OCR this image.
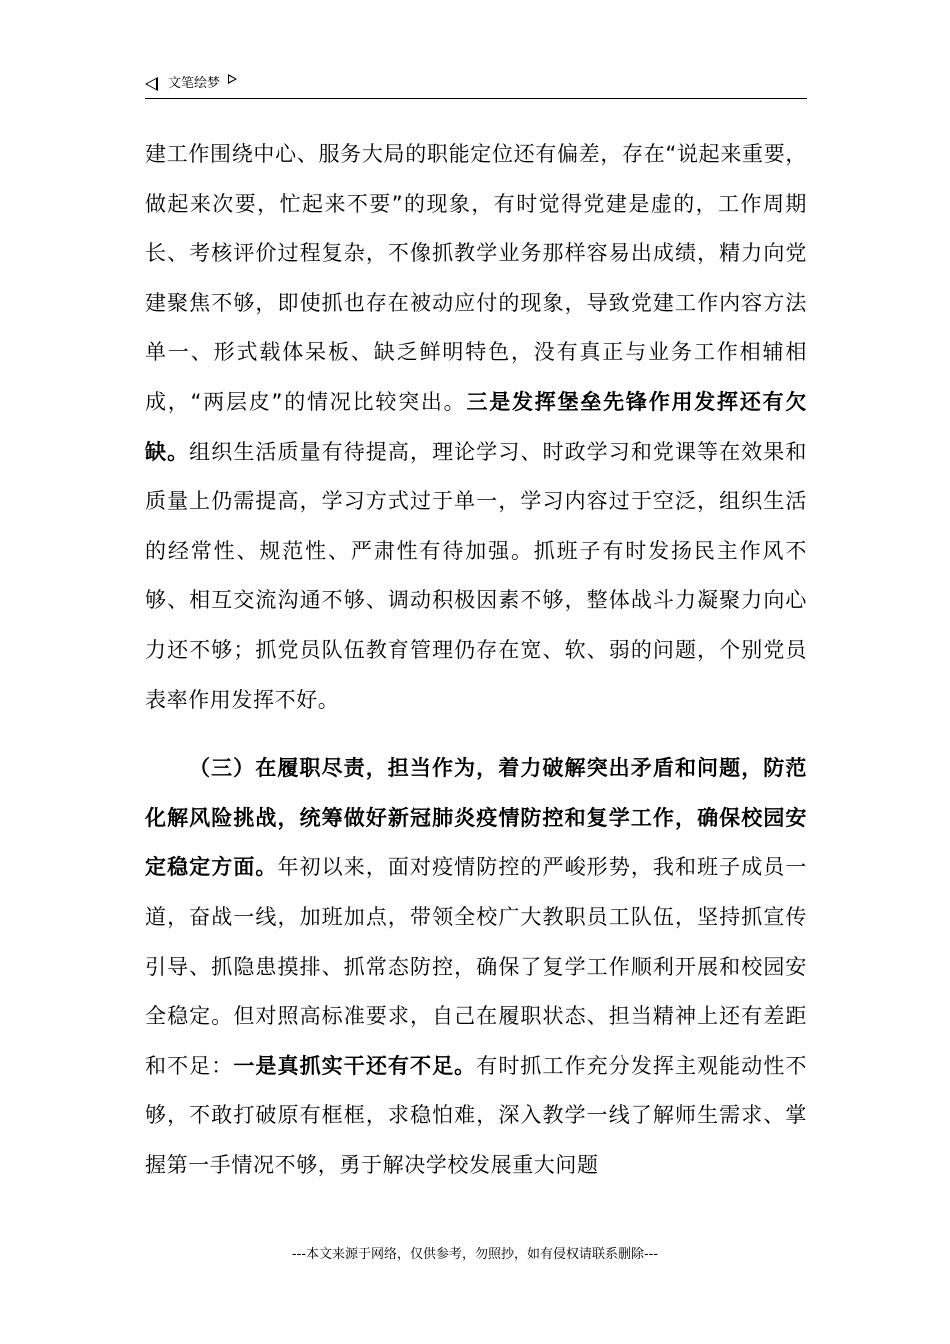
文笔绘梦

建工作围绕中心、服务大局的职能定位还有偏差，存在“说起来重要，做起来次要，忙起来不要”的现象，有时觉得党建是虚的，工作周期长、考核评价过程复杂，不像抓教学业务那样容易出成绩，精力向党建聚焦不够，即使抓也存在被动应付的现象，导致党建工作内容方法单一、形式载体呆板、缺乏鲜明特色，没有真正与业务工作相辅相成，“两层皮”的情况比较突出。三是发挥堡垒先锋作用发挥还有欠缺。组织生活质量有待提高，理论学习、时政学习和党课等在效果和质量上仍需提高，学习方式过于单一，学习内容过于空泛，组织生活的经常性、规范性、严肃性有待加强。抓班子有时发扬民主作风不够、相互交流沟通不够、调动积极因素不够，整体战斗力凝聚力向心力还不够；抓党员队伍教育管理仍存在宽、软、弱的问题，个别党员表率作用发挥不好。

（三）在履职尽责，担当作为，着力破解突出矛盾和问题，防范化解风险挑战，统筹做好新冠肺炎疫情防控和复学工作，确保校园安定稳定方面。年初以来，面对疫情防控的严峻形势，我和班子成员一道，奋战一线，加班加点，带领全校广大教职员工队伍，坚持抓宣传引导、抓隐患摸排、抓常态防控，确保了复学工作顺利开展和校园安全稳定。但对照高标准要求，自己在履职状态、担当精神上还有差距和不足：一是真抓实干还有不足。有时抓工作充分发挥主观能动性不够，不敢打破原有框框，求稳怕难，深入教学一线了解师生需求、掌握第一手情况不够，勇于解决学校发展重大问题

---本文来源于网络，仅供参考，勿照抄，如有侵权请联系删除---
